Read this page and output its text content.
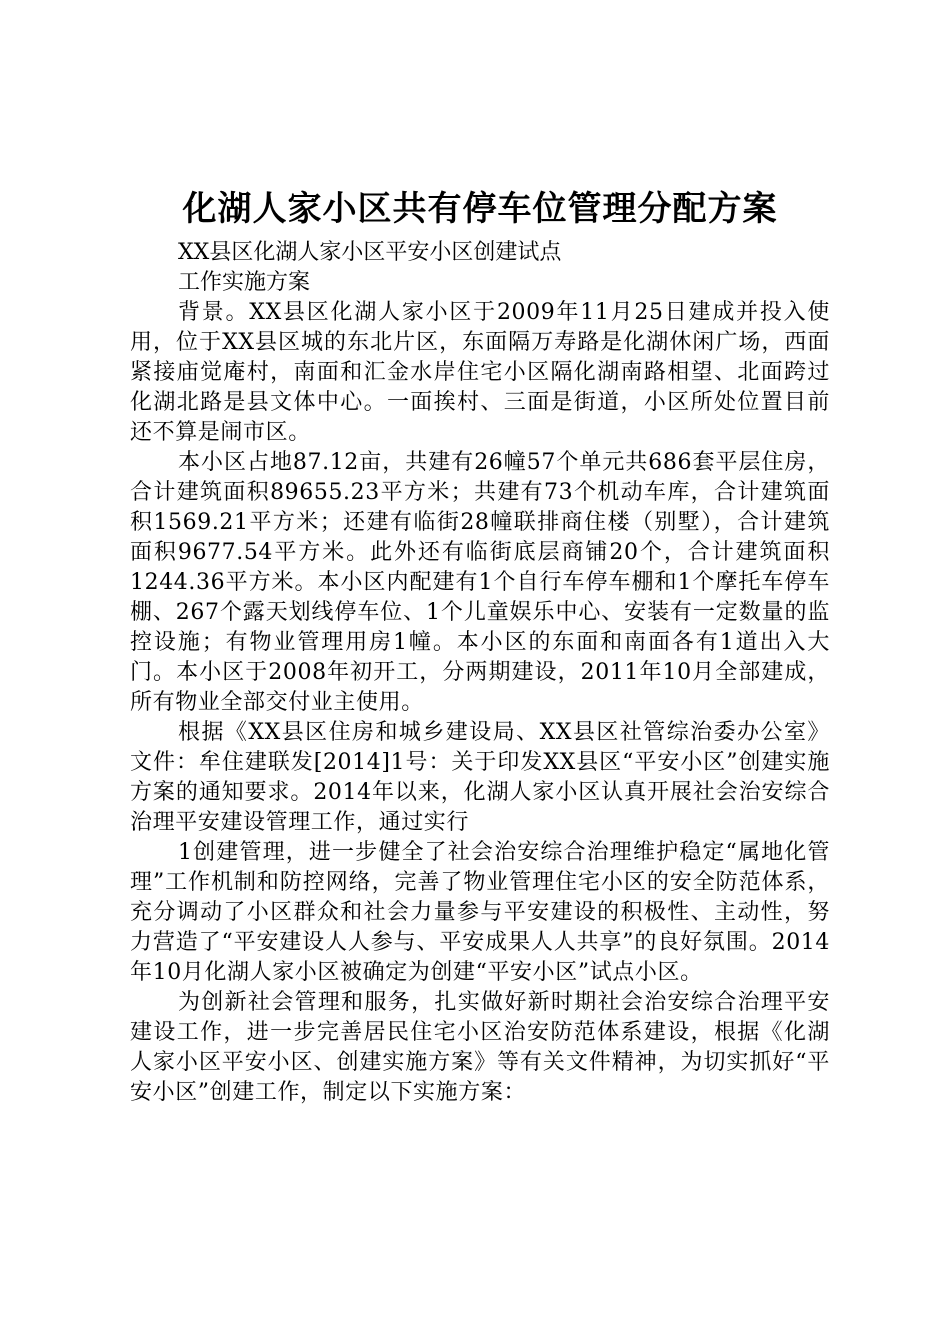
化湖人家小区共有停车位管理分配方案

XX县区化湖人家小区平安小区创建试点

工作实施方案

背景。XX县区化湖人家小区于2009年11月25日建成并投入使用，位于XX县区城的东北片区，东面隔万寿路是化湖休闲广场，西面紧接庙觉庵村，南面和汇金水岸住宅小区隔化湖南路相望、北面跨过化湖北路是县文体中心。一面挨村、三面是街道，小区所处位置目前还不算是闹市区。

本小区占地87.12亩，共建有26幢57个单元共686套平层住房，合计建筑面积89655.23平方米；共建有73个机动车库，合计建筑面积1569.21平方米；还建有临街28幢联排商住楼（别墅），合计建筑面积9677.54平方米。此外还有临街底层商铺20个，合计建筑面积1244.36平方米。本小区内配建有1个自行车停车棚和1个摩托车停车棚、267个露天划线停车位、1个儿童娱乐中心、安装有一定数量的监控设施；有物业管理用房1幢。本小区的东面和南面各有1道出入大门。本小区于2008年初开工，分两期建设，2011年10月全部建成，所有物业全部交付业主使用。

根据《XX县区住房和城乡建设局、XX县区社管综治委办公室》文件：牟住建联发[2014]1号：关于印发XX县区“平安小区”创建实施方案的通知要求。2014年以来，化湖人家小区认真开展社会治安综合治理平安建设管理工作，通过实行

1创建管理，进一步健全了社会治安综合治理维护稳定“属地化管理”工作机制和防控网络，完善了物业管理住宅小区的安全防范体系，充分调动了小区群众和社会力量参与平安建设的积极性、主动性，努力营造了“平安建设人人参与、平安成果人人共享”的良好氛围。2014年10月化湖人家小区被确定为创建“平安小区”试点小区。

为创新社会管理和服务，扎实做好新时期社会治安综合治理平安建设工作，进一步完善居民住宅小区治安防范体系建设，根据《化湖人家小区平安小区、创建实施方案》等有关文件精神，为切实抓好“平安小区”创建工作，制定以下实施方案：
